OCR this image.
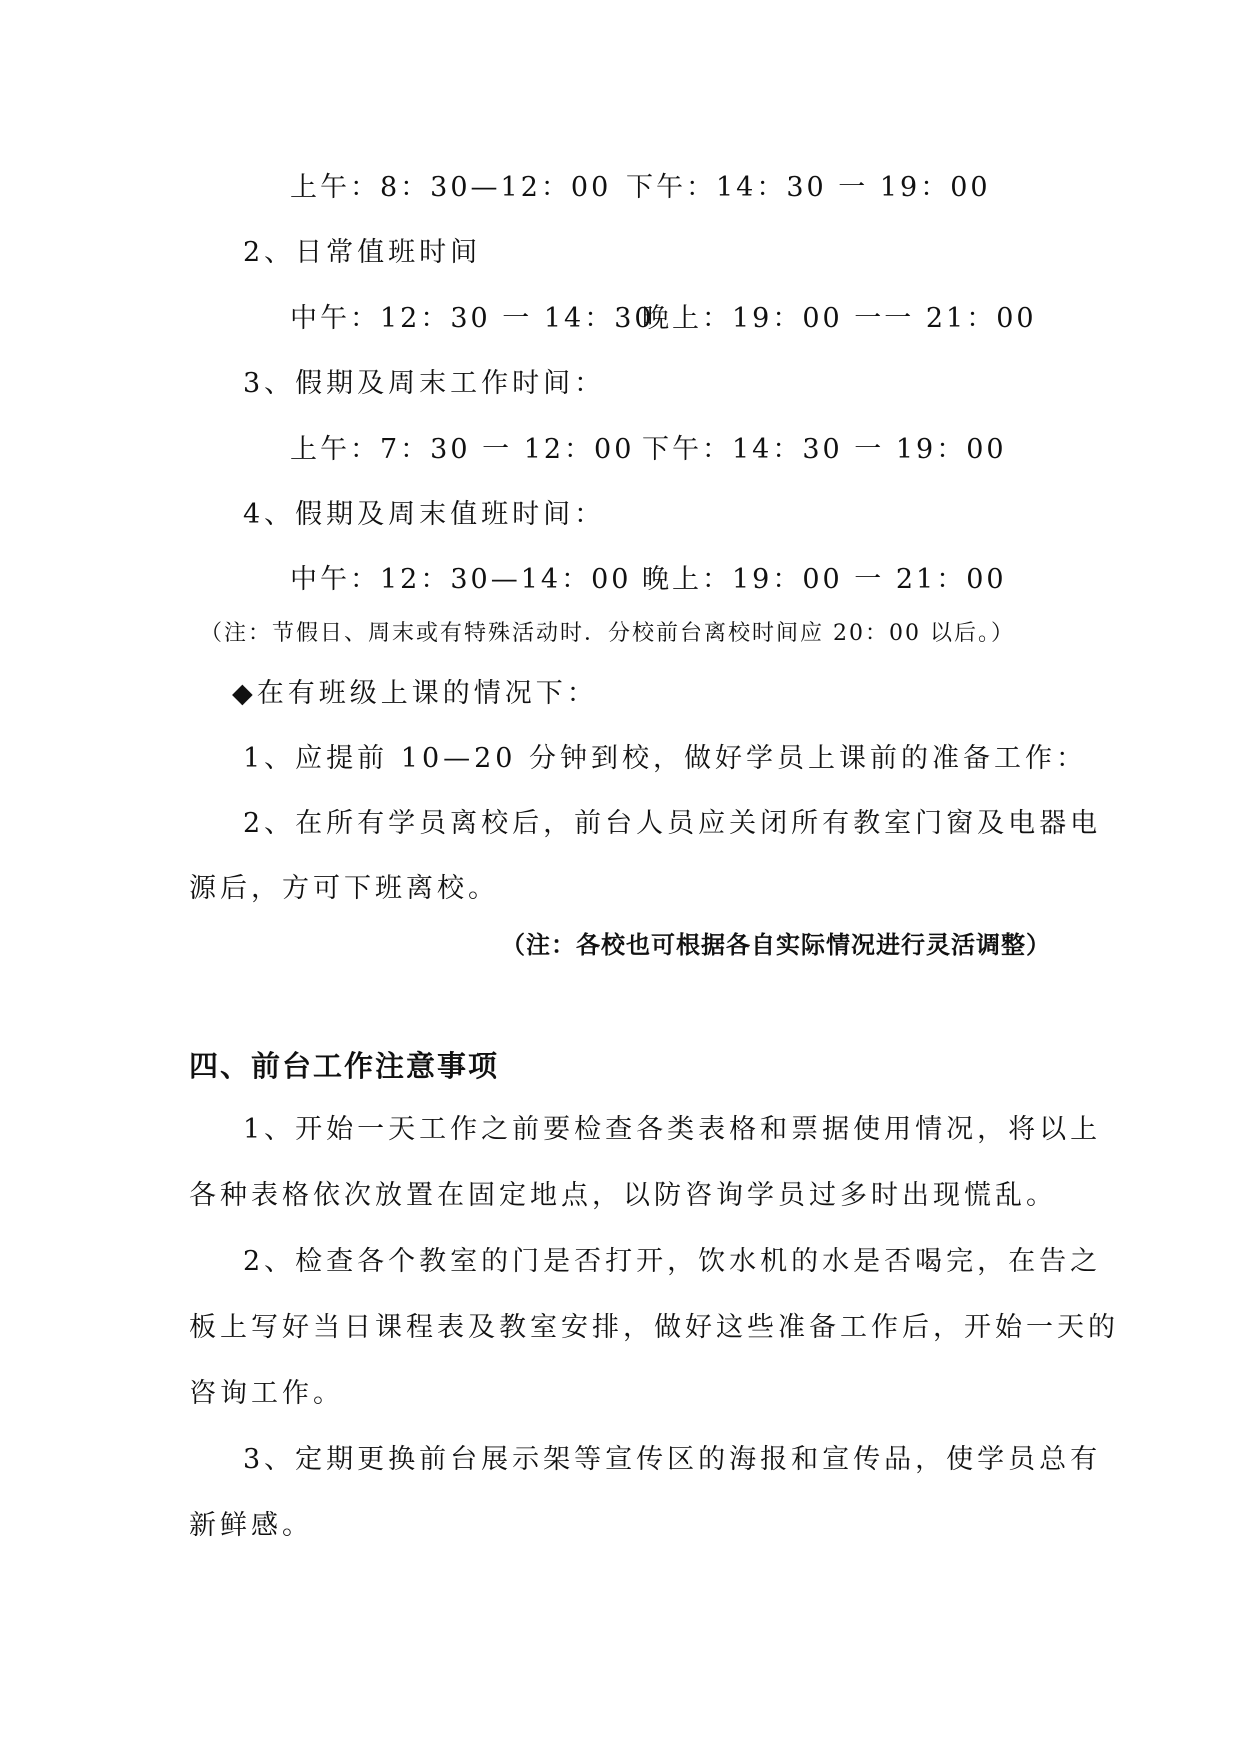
上午：8：30—12：00 下午：14：30 一 19：00
2、日常值班时间
中午：12：30 一 14：30
晚上：19：00 一一 21：00
3、假期及周末工作时间：
上午：7：30 一 12：00 下午：14：30 一 19：00
4、假期及周末值班时间：
中午：12：30—14：00 晚上：19：00 一 21：00
（注：节假日、周末或有特殊活动时．分校前台离校时间应 20：00 以后。）
◆在有班级上课的情况下：
1、应提前 10—20 分钟到校，做好学员上课前的准备工作：
2、在所有学员离校后，前台人员应关闭所有教室门窗及电器电
源后，方可下班离校。
（注：各校也可根据各自实际情况进行灵活调整）
四、前台工作注意事项
1、开始一天工作之前要检查各类表格和票据使用情况，将以上
各种表格依次放置在固定地点，以防咨询学员过多时出现慌乱。
2、检查各个教室的门是否打开，饮水机的水是否喝完，在告之
板上写好当日课程表及教室安排，做好这些准备工作后，开始一天的
咨询工作。
3、定期更换前台展示架等宣传区的海报和宣传品，使学员总有
新鲜感。
